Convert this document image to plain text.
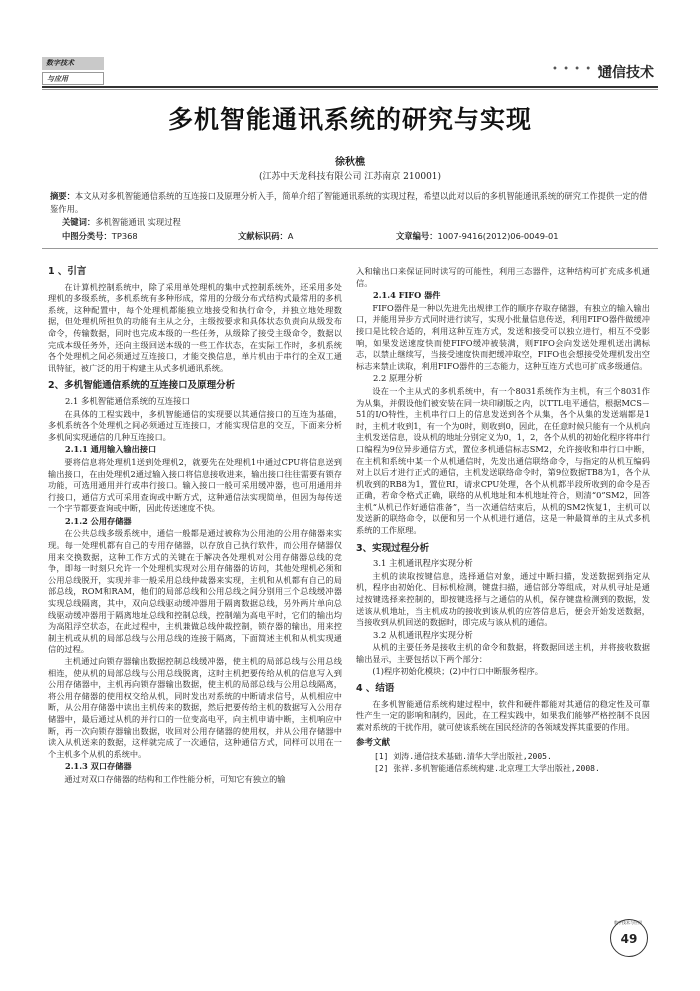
数字技术
与应用
• • • • • •
通信技术
多机智能通讯系统的研究与实现
徐秋樵
(江苏中天龙科技有限公司 江苏南京 210001)
摘要：本文从对多机智能通信系统的互连接口及原理分析入手，简单介绍了智能通讯系统的实现过程，希望以此对以后的多机智能通讯系统的研究工作提供一定的借鉴作用。
关键词：多机智能通讯 实现过程
中图分类号：TP368	文献标识码：A	文章编号：1007-9416(2012)06-0049-01
1 、引言

在计算机控制系统中，除了采用单处理机的集中式控制系统外，还采用多处理机的多级系统，多机系统有多种形成，常用的分级分布式结构式最常用的多机系统，这种配置中，每个处理机都能独立地接受和执行命令，并独立地处理数据，但处理机所担负的功能有主从之分，主级按要求和具体状态负责向从级发布命令，传输数据，同时也完成本级的一些任务，从级除了接受主级命令，数据以完成本级任务外，还向主级回送本级的一些工作状态，在实际工作时，多机系统各个处理机之间必须通过互连接口，才能交换信息，单片机由于串行的全双工通讯特征，被广泛的用于构建主从式多机通讯系统。

2、多机智能通信系统的互连接口及原理分析
2.1 多机智能通信系统的互连接口

在具体的工程实践中，多机智能通信的实现要以其通信接口的互连为基础，多机系统各个处理机之间必须通过互连接口，才能实现信息的交互，下面来分析多机间实现通信的几种互连接口。

2.1.1 通用输入输出接口

要将信息将处理机1送到处理机2，就要先在处理机1中通过CPU将信息送到输出接口，在由处理机2通过输入接口将信息接收进来，输出接口往往需要有锁存功能，可选用通用并行或串行接口。输入接口一般可采用缓冲器，也可用通用并行接口，通信方式可采用查询或中断方式，这种通信法实现简单，但因为每传送一个字节都要查询或中断，因此传送速度不快。

2.1.2 公用存储器

在公共总线多级系统中，通信一般都是通过被称为公用池的公用存储器来实现。每一处理机都有自己的专用存储器，以存放自己执行软件，而公用存储器仅用来交换数据，这种工作方式的关键在于解决各处理机对公用存储器总线的竞争，即每一时刻只允许一个处理机实现对公用存储器的访问，其他处理机必须和公用总线脱开，实现并非一般采用总线仲裁器来实现，主机和从机都有自己的局部总线，ROM和RAM，他们的局部总线和公用总线之间分别用三个总线缓冲器实现总线隔离，其中，双向总线驱动缓冲器用于隔离数据总线，另外两片单向总线驱动缓冲器用于隔离地址总线和控制总线，控制端为高电平时，它们的输出均为高阻浮空状态，在此过程中，主机兼做总线仲裁控制，锁存器的输出，用来控制主机或从机的局部总线与公用总线的连接于隔离，下面简述主机和从机实现通信的过程。

主机通过向锁存器输出数据控制总线缓冲器，使主机的局部总线与公用总线相连，使从机的局部总线与公用总线脱离，这时主机把要传给从机的信息写入到公用存储器中，主机再向锁存器输出数据，使主机的局部总线与公用总线隔离，将公用存储器的使用权交给从机，同时发出对系统的中断请求信号，从机相应中断，从公用存储器中读出主机传来的数据，然后把要传给主机的数据写入公用存储器中，最后通过从机的并行口的一位变高电平，向主机申请中断，主机响应中断，再一次向锁存器输出数据，收回对公用存储器的使用权，并从公用存储器中读入从机送来的数据，这样就完成了一次通信，这种通信方式，同样可以用在一个主机多个从机的系统中。

2.1.3 双口存储器

通过对双口存储器的结构和工作性能分析，可知它有独立的输

入和输出口来保证同时读写的可能性，利用三态器件，这种结构可扩充成多机通信。

2.1.4 FIFO 器件

FIFO器件是一种以先进先出规律工作的顺序存取存储器，有独立的输入输出口，并能用异步方式同时进行读写，实现小批量信息传送，利用FIFO器件做缓冲接口是比较合适的，利用这种互连方式，发送和接受可以独立进行，相互不受影响，如果发送速度快而使FIFO缓冲被装满，则FIFO会向发送处理机送出满标志，以禁止继续写，当接受速度快而把缓冲取空，FIFO也会想接受处理机发出空标志来禁止读取，利用FIFO器件的三态能力，这种互连方式也可扩成多级通信。

2.2 原理分析

设在一个主从式的多机系统中，有一个8031系统作为主机，有三个8031作为从集，并假设他们被安装在同一块印刷版之内，以TTL电平通信，根据MCS－51的I/O特性，主机串行口上的信息发送到各个从集，各个从集的发送端都是1时，主机才收到1，有一个为0时，则收到0，因此，在任意时候只能有一个从机向主机发送信息，设从机的地址分别定义为0，1，2，各个从机的初始化程序将串行口编程为9位异步通信方式，置位多机通信标志SM2，允许接收和串行口中断，在主机和系统中某一个从机通信时，先发出通信联络命令，与指定的从机互编码对上以后才进行正式的通信，主机发送联络命令时，第9位数据TB8为1，各个从机收到的RB8为1，置位RI，请求CPU处理，各个从机都半段所收到的命令是否正确，若命令格式正确，联络的从机地址和本机地址符合，则清“0”SM2，回答主机“从机已作好通信准备”，当一次通信结束后，从机的SM2恢复1，主机可以发送新的联络命令，以便和另一个从机进行通信，这是一种最简单的主从式多机系统的工作原理。

3、实现过程分析
3.1 主机通讯程序实现分析

主机的读取按键信息，选择通信对象，通过中断扫描，发送数据到指定从机，程序由初始化、目标机检测，键盘扫描，通信部分等组成，对从机寻址是通过按键选择来控制的，即按键选择与之通信的从机，保存键盘检测到的数据，发送该从机地址，当主机成功的接收到该从机的应答信息后，便会开始发送数据，当接收到从机回送的数据时，即完成与该从机的通信。

3.2 从机通讯程序实现分析

从机的主要任务是接收主机的命令和数据，将数据回送主机，并将接收数据输出显示，主要包括以下两个部分：

(1)程序初始化模块；(2)中行口中断服务程序。

4 、结语

在多机智能通信系统构建过程中，软件和硬件都能对其通信的稳定性及可靠性产生一定的影响和制约，因此，在工程实践中，如果我们能够严格控制不良因素对系统的干扰作用，就可使该系统在国民经济的各领域发挥其重要的作用。

参考文献

[1] 刘涛.通信技术基础.清华大学出版社,2005.

[2] 张祥.多机智能通信系统构建.北京理工大学出版社,2008.

数字技术与应用
49
